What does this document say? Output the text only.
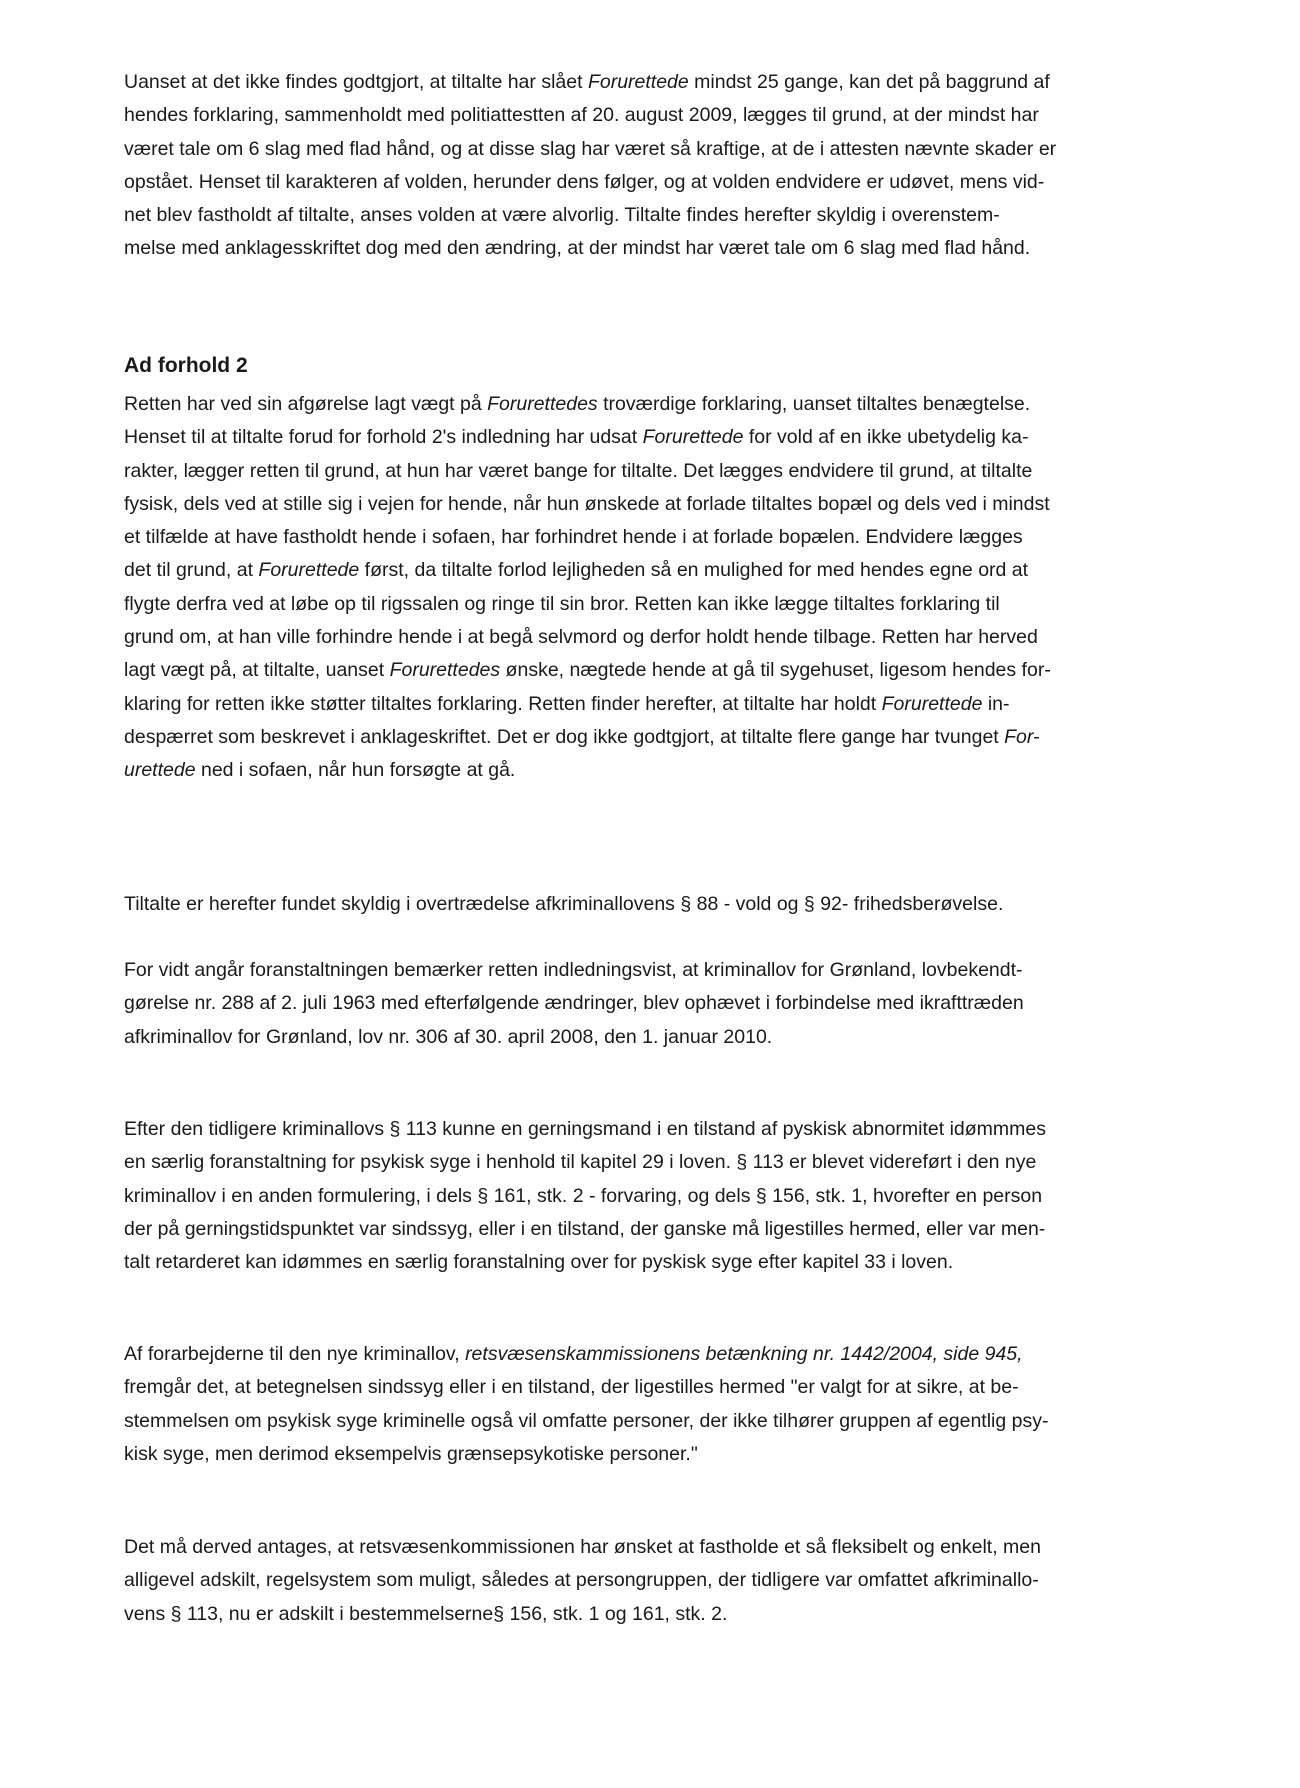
Uanset at det ikke findes godtgjort, at tiltalte har slået Forurettede mindst 25 gange, kan det på baggrund af
hendes forklaring, sammenholdt med politiattestten af 20. august 2009, lægges til grund, at der mindst har
været tale om 6 slag med flad hånd, og at disse slag har været så kraftige, at de i attesten nævnte skader er
opstået. Henset til karakteren af volden, herunder dens følger, og at volden endvidere er udøvet, mens vid-
net blev fastholdt af tiltalte, anses volden at være alvorlig. Tiltalte findes herefter skyldig i overenstem-
melse med anklagesskriftet dog med den ændring, at der mindst har været tale om 6 slag med flad hånd.

Ad forhold 2

Retten har ved sin afgørelse lagt vægt på Forurettedes troværdige forklaring, uanset tiltaltes benægtelse.
Henset til at tiltalte forud for forhold 2's indledning har udsat Forurettede for vold af en ikke ubetydelig ka-
rakter, lægger retten til grund, at hun har været bange for tiltalte. Det lægges endvidere til grund, at tiltalte
fysisk, dels ved at stille sig i vejen for hende, når hun ønskede at forlade tiltaltes bopæl og dels ved i mindst
et tilfælde at have fastholdt hende i sofaen, har forhindret hende i at forlade bopælen. Endvidere lægges
det til grund, at Forurettede først, da tiltalte forlod lejligheden så en mulighed for med hendes egne ord at
flygte derfra ved at løbe op til rigssalen og ringe til sin bror. Retten kan ikke lægge tiltaltes forklaring til
grund om, at han ville forhindre hende i at begå selvmord og derfor holdt hende tilbage. Retten har herved
lagt vægt på, at tiltalte, uanset Forurettedes ønske, nægtede hende at gå til sygehuset, ligesom hendes for-
klaring for retten ikke støtter tiltaltes forklaring. Retten finder herefter, at tiltalte har holdt Forurettede in-
despærret som beskrevet i anklageskriftet. Det er dog ikke godtgjort, at tiltalte flere gange har tvunget For-
urettede ned i sofaen, når hun forsøgte at gå.

Tiltalte er herefter fundet skyldig i overtrædelse afkriminallovens § 88 - vold og § 92- frihedsberøvelse.

For vidt angår foranstaltningen bemærker retten indledningsvist, at kriminallov for Grønland, lovbekendt-
gørelse nr. 288 af 2. juli 1963 med efterfølgende ændringer, blev ophævet i forbindelse med ikrafttræden
afkriminallov for Grønland, lov nr. 306 af 30. april 2008, den 1. januar 2010.

Efter den tidligere kriminallovs § 113 kunne en gerningsmand i en tilstand af pyskisk abnormitet idømmmes
en særlig foranstaltning for psykisk syge i henhold til kapitel 29 i loven. § 113 er blevet videreført i den nye
kriminallov i en anden formulering, i dels § 161, stk. 2 - forvaring, og dels § 156, stk. 1, hvorefter en person
der på gerningstidspunktet var sindssyg, eller i en tilstand, der ganske må ligestilles hermed, eller var men-
talt retarderet kan idømmes en særlig foranstalning over for pyskisk syge efter kapitel 33 i loven.

Af forarbejderne til den nye kriminallov, retsvæsenskammissionens betænkning nr. 1442/2004, side 945,
fremgår det, at betegnelsen sindssyg eller i en tilstand, der ligestilles hermed "er valgt for at sikre, at be-
stemmelsen om psykisk syge kriminelle også vil omfatte personer, der ikke tilhører gruppen af egentlig psy-
kisk syge, men derimod eksempelvis grænsepsykotiske personer."

Det må derved antages, at retsvæsenkommissionen har ønsket at fastholde et så fleksibelt og enkelt, men
alligevel adskilt, regelsystem som muligt, således at persongruppen, der tidligere var omfattet afkriminallo-
vens § 113, nu er adskilt i bestemmelserne§ 156, stk. 1 og 161, stk. 2.
